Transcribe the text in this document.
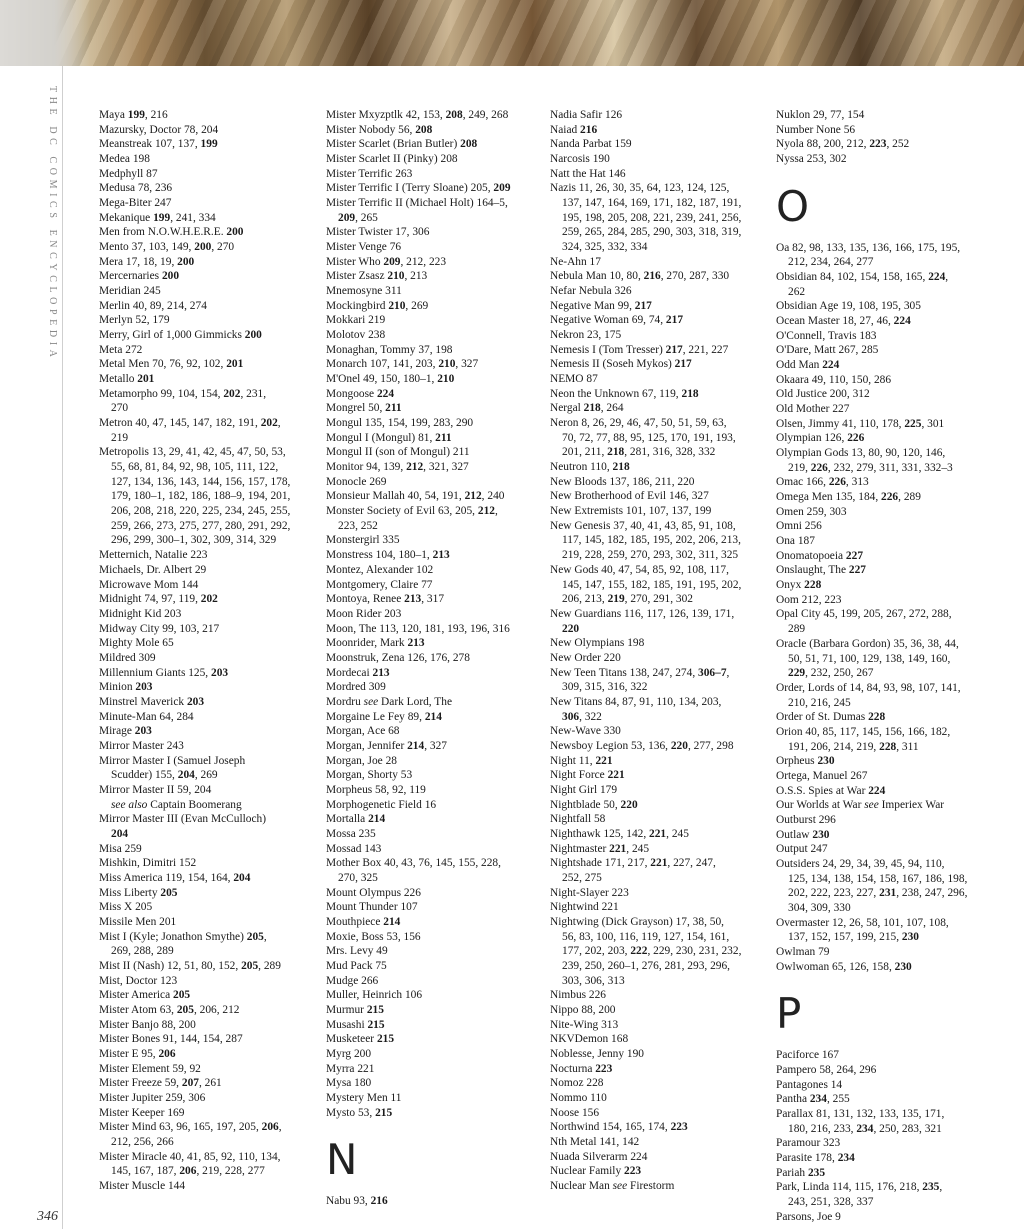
THE DC COMICS ENCYCLOPEDIA
346
Maya 199, 216
Mazursky, Doctor 78, 204
Meanstreak 107, 137, 199
Medea 198
Medphyll 87
Medusa 78, 236
Mega-Biter 247
Mekanique 199, 241, 334
Men from N.O.W.H.E.R.E. 200
Mento 37, 103, 149, 200, 270
Mera 17, 18, 19, 200
Mercernaries 200
Meridian 245
Merlin 40, 89, 214, 274
Merlyn 52, 179
Merry, Girl of 1,000 Gimmicks 200
Meta 272
Metal Men 70, 76, 92, 102, 201
Metallo 201
Metamorpho 99, 104, 154, 202, 231,
270
Metron 40, 47, 145, 147, 182, 191, 202,
219
Metropolis 13, 29, 41, 42, 45, 47, 50, 53,
55, 68, 81, 84, 92, 98, 105, 111, 122,
127, 134, 136, 143, 144, 156, 157, 178,
179, 180–1, 182, 186, 188–9, 194, 201,
206, 208, 218, 220, 225, 234, 245, 255,
259, 266, 273, 275, 277, 280, 291, 292,
296, 299, 300–1, 302, 309, 314, 329
Metternich, Natalie 223
Michaels, Dr. Albert 29
Microwave Mom 144
Midnight 74, 97, 119, 202
Midnight Kid 203
Midway City 99, 103, 217
Mighty Mole 65
Mildred 309
Millennium Giants 125, 203
Minion 203
Minstrel Maverick 203
Minute-Man 64, 284
Mirage 203
Mirror Master 243
Mirror Master I (Samuel Joseph
Scudder) 155, 204, 269
Mirror Master II 59, 204
see also Captain Boomerang
Mirror Master III (Evan McCulloch)
204
Misa 259
Mishkin, Dimitri 152
Miss America 119, 154, 164, 204
Miss Liberty 205
Miss X 205
Missile Men 201
Mist I (Kyle; Jonathon Smythe) 205,
269, 288, 289
Mist II (Nash) 12, 51, 80, 152, 205, 289
Mist, Doctor 123
Mister America 205
Mister Atom 63, 205, 206, 212
Mister Banjo 88, 200
Mister Bones 91, 144, 154, 287
Mister E 95, 206
Mister Element 59, 92
Mister Freeze 59, 207, 261
Mister Jupiter 259, 306
Mister Keeper 169
Mister Mind 63, 96, 165, 197, 205, 206,
212, 256, 266
Mister Miracle 40, 41, 85, 92, 110, 134,
145, 167, 187, 206, 219, 228, 277
Mister Muscle 144
Mister Mxyzptlk 42, 153, 208, 249, 268
Mister Nobody 56, 208
Mister Scarlet (Brian Butler) 208
Mister Scarlet II (Pinky) 208
Mister Terrific 263
Mister Terrific I (Terry Sloane) 205, 209
Mister Terrific II (Michael Holt) 164–5,
209, 265
Mister Twister 17, 306
Mister Venge 76
Mister Who 209, 212, 223
Mister Zsasz 210, 213
Mnemosyne 311
Mockingbird 210, 269
Mokkari 219
Molotov 238
Monaghan, Tommy 37, 198
Monarch 107, 141, 203, 210, 327
M'Onel 49, 150, 180–1, 210
Mongoose 224
Mongrel 50, 211
Mongul 135, 154, 199, 283, 290
Mongul I (Mongul) 81, 211
Mongul II (son of Mongul) 211
Monitor 94, 139, 212, 321, 327
Monocle 269
Monsieur Mallah 40, 54, 191, 212, 240
Monster Society of Evil 63, 205, 212,
223, 252
Monstergirl 335
Monstress 104, 180–1, 213
Montez, Alexander 102
Montgomery, Claire 77
Montoya, Renee 213, 317
Moon Rider 203
Moon, The 113, 120, 181, 193, 196, 316
Moonrider, Mark 213
Moonstruk, Zena 126, 176, 278
Mordecai 213
Mordred 309
Mordru see Dark Lord, The
Morgaine Le Fey 89, 214
Morgan, Ace 68
Morgan, Jennifer 214, 327
Morgan, Joe 28
Morgan, Shorty 53
Morpheus 58, 92, 119
Morphogenetic Field 16
Mortalla 214
Mossa 235
Mossad 143
Mother Box 40, 43, 76, 145, 155, 228,
270, 325
Mount Olympus 226
Mount Thunder 107
Mouthpiece 214
Moxie, Boss 53, 156
Mrs. Levy 49
Mud Pack 75
Mudge 266
Muller, Heinrich 106
Murmur 215
Musashi 215
Musketeer 215
Myrg 200
Myrra 221
Mysa 180
Mystery Men 11
Mysto 53, 215
N
Nabu 93, 216
Nadia Safir 126
Naiad 216
Nanda Parbat 159
Narcosis 190
Natt the Hat 146
Nazis 11, 26, 30, 35, 64, 123, 124, 125,
137, 147, 164, 169, 171, 182, 187, 191,
195, 198, 205, 208, 221, 239, 241, 256,
259, 265, 284, 285, 290, 303, 318, 319,
324, 325, 332, 334
Ne-Ahn 17
Nebula Man 10, 80, 216, 270, 287, 330
Nefar Nebula 326
Negative Man 99, 217
Negative Woman 69, 74, 217
Nekron 23, 175
Nemesis I (Tom Tresser) 217, 221, 227
Nemesis II (Soseh Mykos) 217
NEMO 87
Neon the Unknown 67, 119, 218
Nergal 218, 264
Neron 8, 26, 29, 46, 47, 50, 51, 59, 63,
70, 72, 77, 88, 95, 125, 170, 191, 193,
201, 211, 218, 281, 316, 328, 332
Neutron 110, 218
New Bloods 137, 186, 211, 220
New Brotherhood of Evil 146, 327
New Extremists 101, 107, 137, 199
New Genesis 37, 40, 41, 43, 85, 91, 108,
117, 145, 182, 185, 195, 202, 206, 213,
219, 228, 259, 270, 293, 302, 311, 325
New Gods 40, 47, 54, 85, 92, 108, 117,
145, 147, 155, 182, 185, 191, 195, 202,
206, 213, 219, 270, 291, 302
New Guardians 116, 117, 126, 139, 171,
220
New Olympians 198
New Order 220
New Teen Titans 138, 247, 274, 306–7,
309, 315, 316, 322
New Titans 84, 87, 91, 110, 134, 203,
306, 322
New-Wave 330
Newsboy Legion 53, 136, 220, 277, 298
Night 11, 221
Night Force 221
Night Girl 179
Nightblade 50, 220
Nightfall 58
Nighthawk 125, 142, 221, 245
Nightmaster 221, 245
Nightshade 171, 217, 221, 227, 247,
252, 275
Night-Slayer 223
Nightwind 221
Nightwing (Dick Grayson) 17, 38, 50,
56, 83, 100, 116, 119, 127, 154, 161,
177, 202, 203, 222, 229, 230, 231, 232,
239, 250, 260–1, 276, 281, 293, 296,
303, 306, 313
Nimbus 226
Nippo 88, 200
Nite-Wing 313
NKVDemon 168
Noblesse, Jenny 190
Nocturna 223
Nomoz 228
Nommo 110
Noose 156
Northwind 154, 165, 174, 223
Nth Metal 141, 142
Nuada Silverarm 224
Nuclear Family 223
Nuclear Man see Firestorm
Nuklon 29, 77, 154
Number None 56
Nyola 88, 200, 212, 223, 252
Nyssa 253, 302
O
Oa 82, 98, 133, 135, 136, 166, 175, 195,
212, 234, 264, 277
Obsidian 84, 102, 154, 158, 165, 224,
262
Obsidian Age 19, 108, 195, 305
Ocean Master 18, 27, 46, 224
O'Connell, Travis 183
O'Dare, Matt 267, 285
Odd Man 224
Okaara 49, 110, 150, 286
Old Justice 200, 312
Old Mother 227
Olsen, Jimmy 41, 110, 178, 225, 301
Olympian 126, 226
Olympian Gods 13, 80, 90, 120, 146,
219, 226, 232, 279, 311, 331, 332–3
Omac 166, 226, 313
Omega Men 135, 184, 226, 289
Omen 259, 303
Omni 256
Ona 187
Onomatopoeia 227
Onslaught, The 227
Onyx 228
Oom 212, 223
Opal City 45, 199, 205, 267, 272, 288,
289
Oracle (Barbara Gordon) 35, 36, 38, 44,
50, 51, 71, 100, 129, 138, 149, 160,
229, 232, 250, 267
Order, Lords of 14, 84, 93, 98, 107, 141,
210, 216, 245
Order of St. Dumas 228
Orion 40, 85, 117, 145, 156, 166, 182,
191, 206, 214, 219, 228, 311
Orpheus 230
Ortega, Manuel 267
O.S.S. Spies at War 224
Our Worlds at War see Imperiex War
Outburst 296
Outlaw 230
Output 247
Outsiders 24, 29, 34, 39, 45, 94, 110,
125, 134, 138, 154, 158, 167, 186, 198,
202, 222, 223, 227, 231, 238, 247, 296,
304, 309, 330
Overmaster 12, 26, 58, 101, 107, 108,
137, 152, 157, 199, 215, 230
Owlman 79
Owlwoman 65, 126, 158, 230
P
Paciforce 167
Pampero 58, 264, 296
Pantagones 14
Pantha 234, 255
Parallax 81, 131, 132, 133, 135, 171,
180, 216, 233, 234, 250, 283, 321
Paramour 323
Parasite 178, 234
Pariah 235
Park, Linda 114, 115, 176, 218, 235,
243, 251, 328, 337
Parsons, Joe 9
